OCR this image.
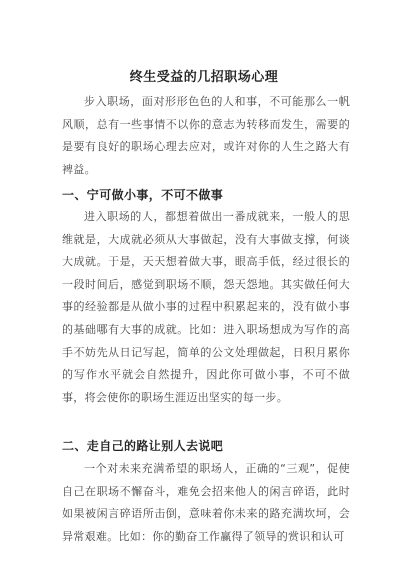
终生受益的几招职场心理
步入职场，面对形形色色的人和事，不可能那么一帆风顺，总有一些事情不以你的意志为转移而发生，需要的是要有良好的职场心理去应对，或许对你的人生之路大有裨益。
一、宁可做小事，不可不做事
进入职场的人，都想着做出一番成就来，一般人的思维就是，大成就必须从大事做起，没有大事做支撑，何谈大成就。于是，天天想着做大事，眼高手低，经过很长的一段时间后，感觉到职场不顺，怨天怨地。其实做任何大事的经验都是从做小事的过程中积累起来的，没有做小事的基础哪有大事的成就。比如：进入职场想成为写作的高手不妨先从日记写起，简单的公文处理做起，日积月累你的写作水平就会自然提升，因此你可做小事，不可不做事，将会使你的职场生涯迈出坚实的每一步。
二、走自己的路让别人去说吧
一个对未来充满希望的职场人，正确的“三观”，促使自己在职场不懈奋斗，难免会招来他人的闲言碎语，此时如果被闲言碎语所击倒，意味着你未来的路充满坎坷，会异常艰难。比如：你的勤奋工作赢得了领导的赏识和认可
